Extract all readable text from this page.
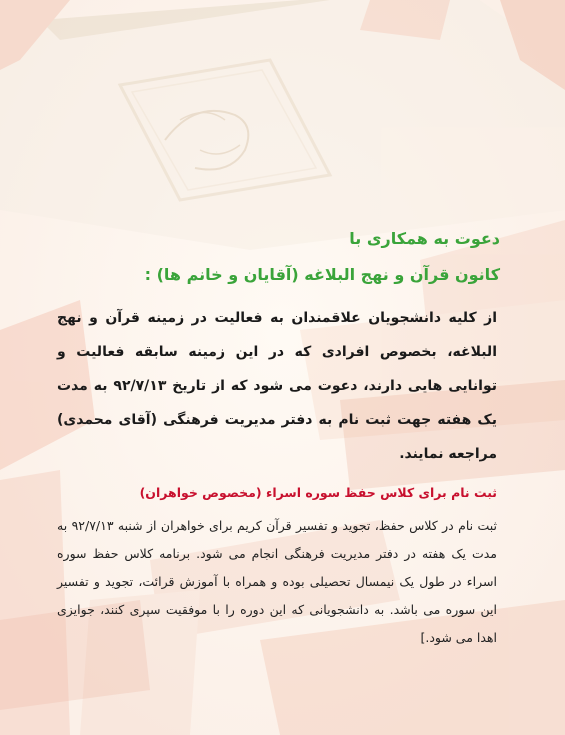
دعوت به همکاری با
کانون قرآن و نهج البلاغه (آقایان و خانم ها) :
از کلیه دانشجویان علاقمندان به فعالیت در زمینه قرآن و نهج البلاغه، بخصوص افرادی که در این زمینه سابقه فعالیت و توانایی هایی دارند، دعوت می شود که از تاریخ ۹۲/۷/۱۳ به مدت یک هفته جهت ثبت نام به دفتر مدیریت فرهنگی (آقای محمدی) مراجعه نمایند.
ثبت نام برای کلاس حفظ سوره اسراء (مخصوص خواهران)
ثبت نام در کلاس حفظ، تجوید و تفسیر قرآن کریم برای خواهران از شنبه ۹۲/۷/۱۳ به مدت یک هفته در دفتر مدیریت فرهنگی انجام می شود. برنامه کلاس حفظ سوره اسراء در طول یک نیمسال تحصیلی بوده و همراه با آموزش قرائت، تجوید و تفسیر این سوره می باشد. به دانشجویانی که این دوره را با موفقیت سپری کنند، جوایزی اهدا می شود.]
